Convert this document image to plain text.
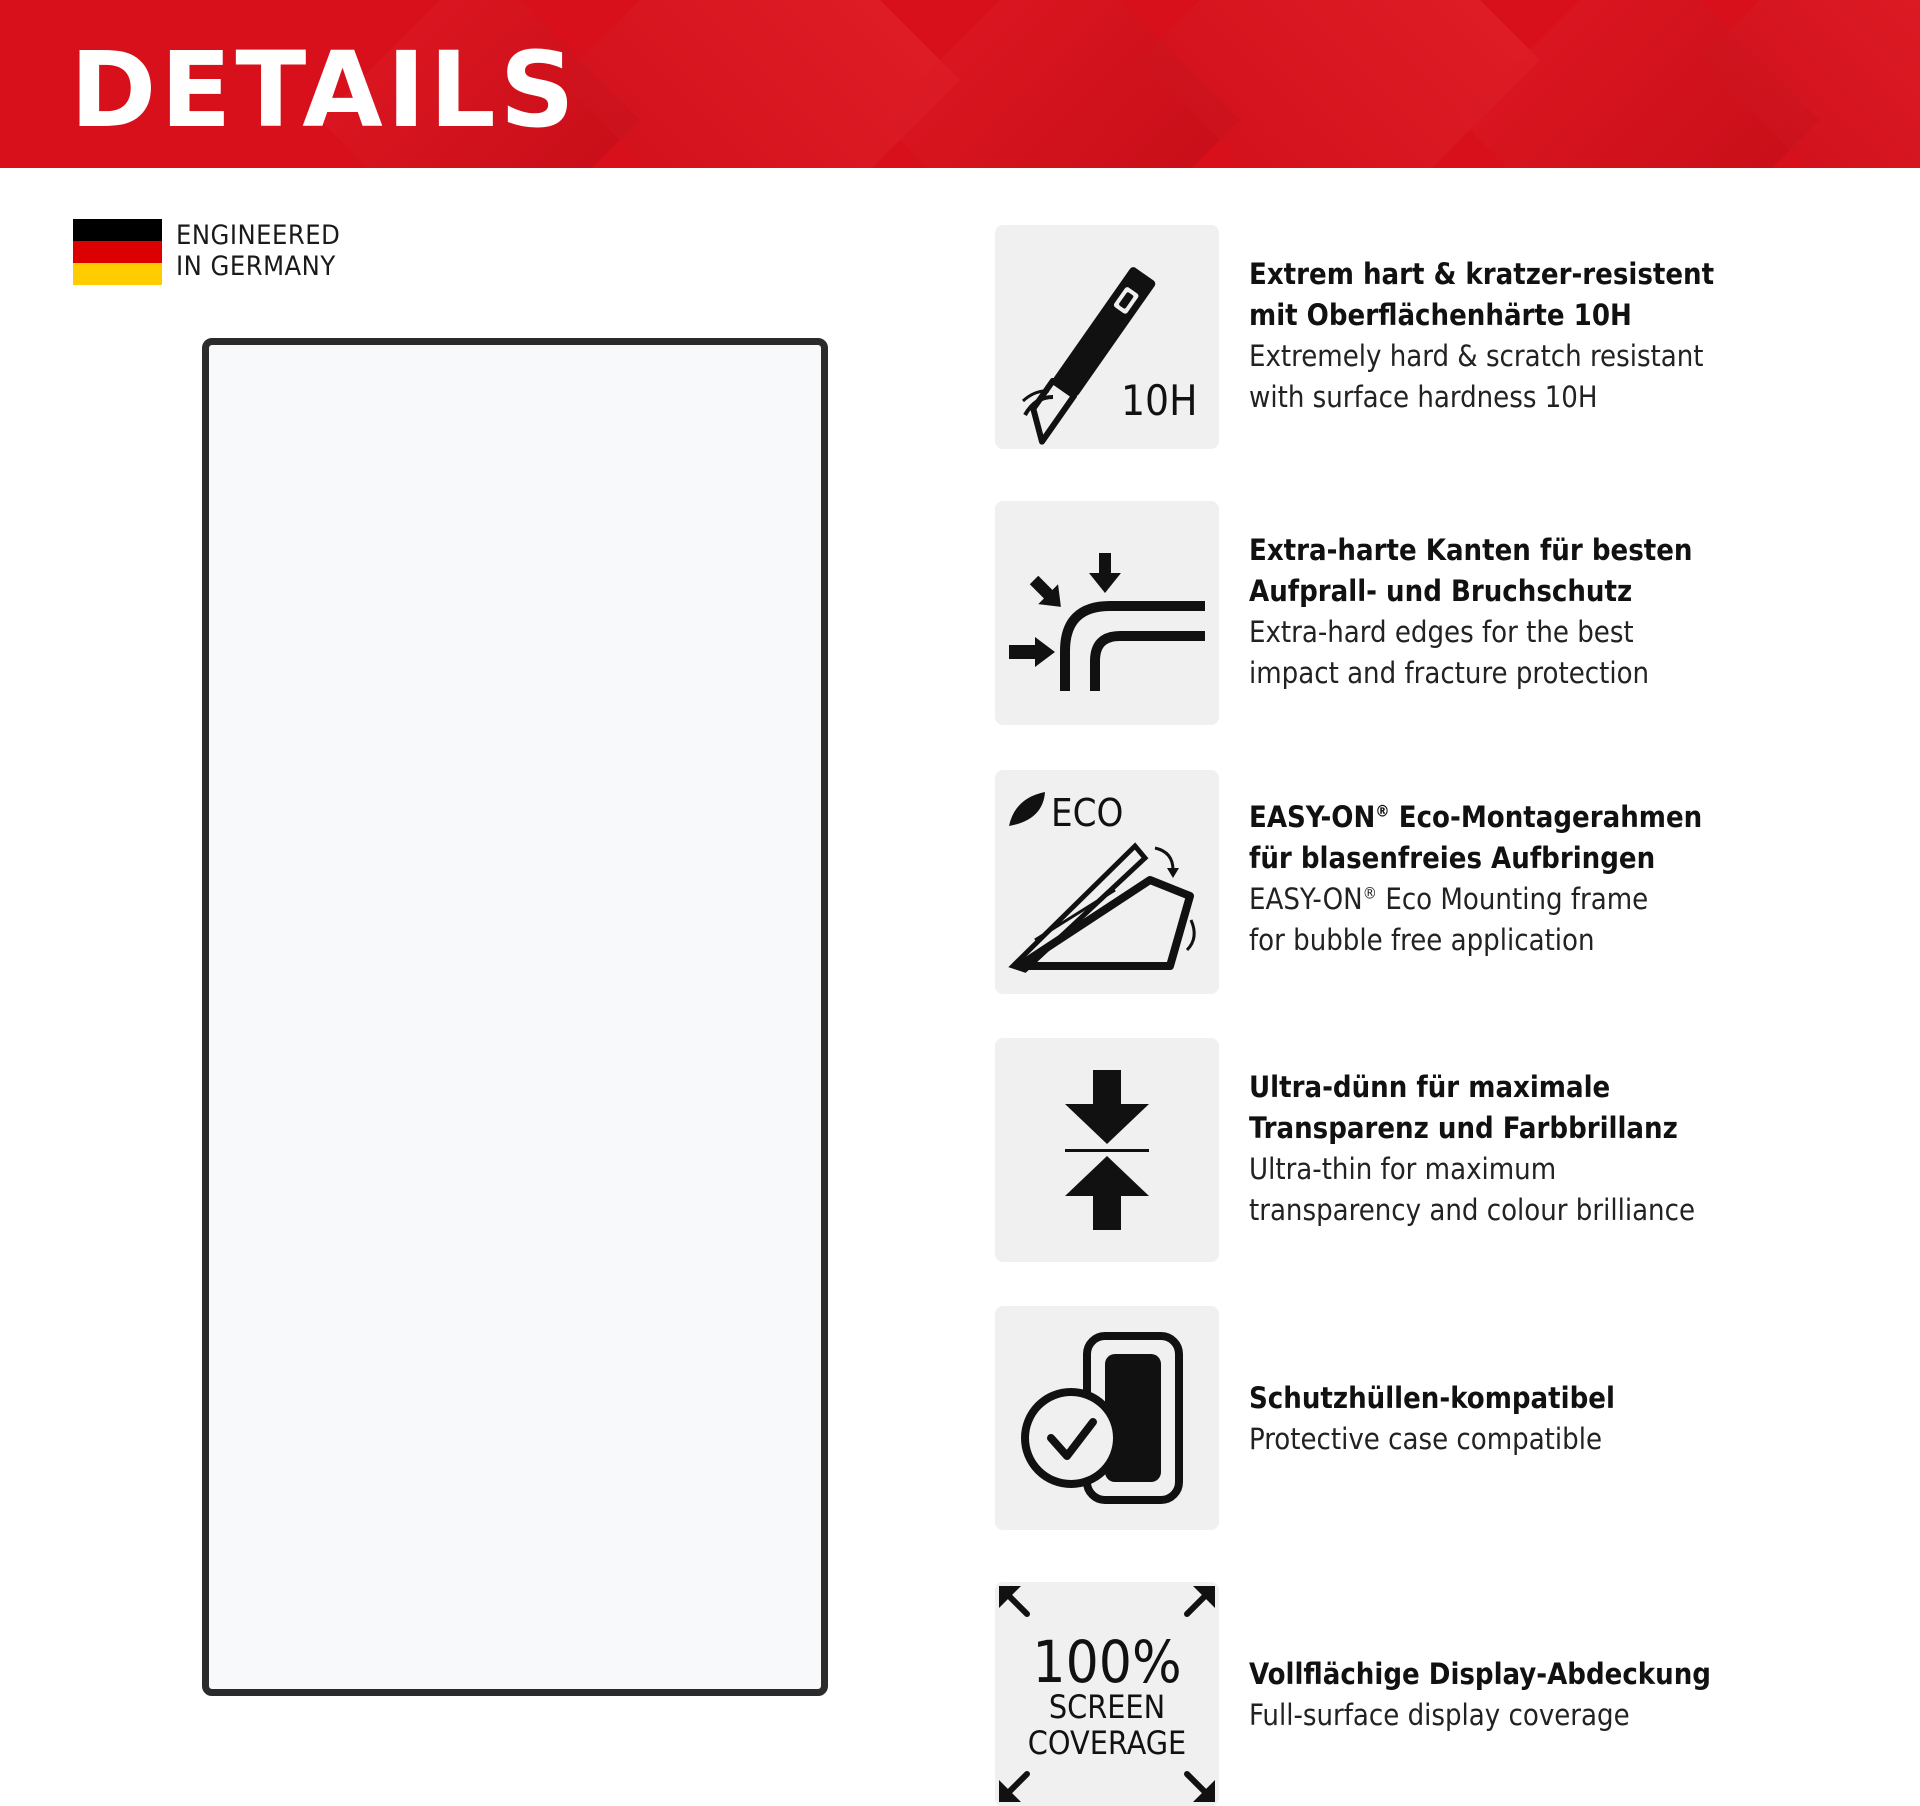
DETAILS
ENGINEERED
IN GERMANY
10H
Extrem hart & kratzer-resistent
mit Oberflächenhärte 10H
Extremely hard & scratch resistant
with surface hardness 10H
Extra-harte Kanten für besten
Aufprall- und Bruchschutz
Extra-hard edges for the best
impact and fracture protection
ECO	EASY-ON® Eco-Montagerahmen
für blasenfreies Aufbringen
EASY-ON® Eco Mounting frame
for bubble free application
Ultra-dünn für maximale
Transparenz und Farbbrillanz
Ultra-thin for maximum
transparency and colour brilliance
Schutzhüllen-kompatibel
Protective case compatible
100%
SCREEN
COVERAGE
Vollflächige Display-Abdeckung
Full-surface display coverage
